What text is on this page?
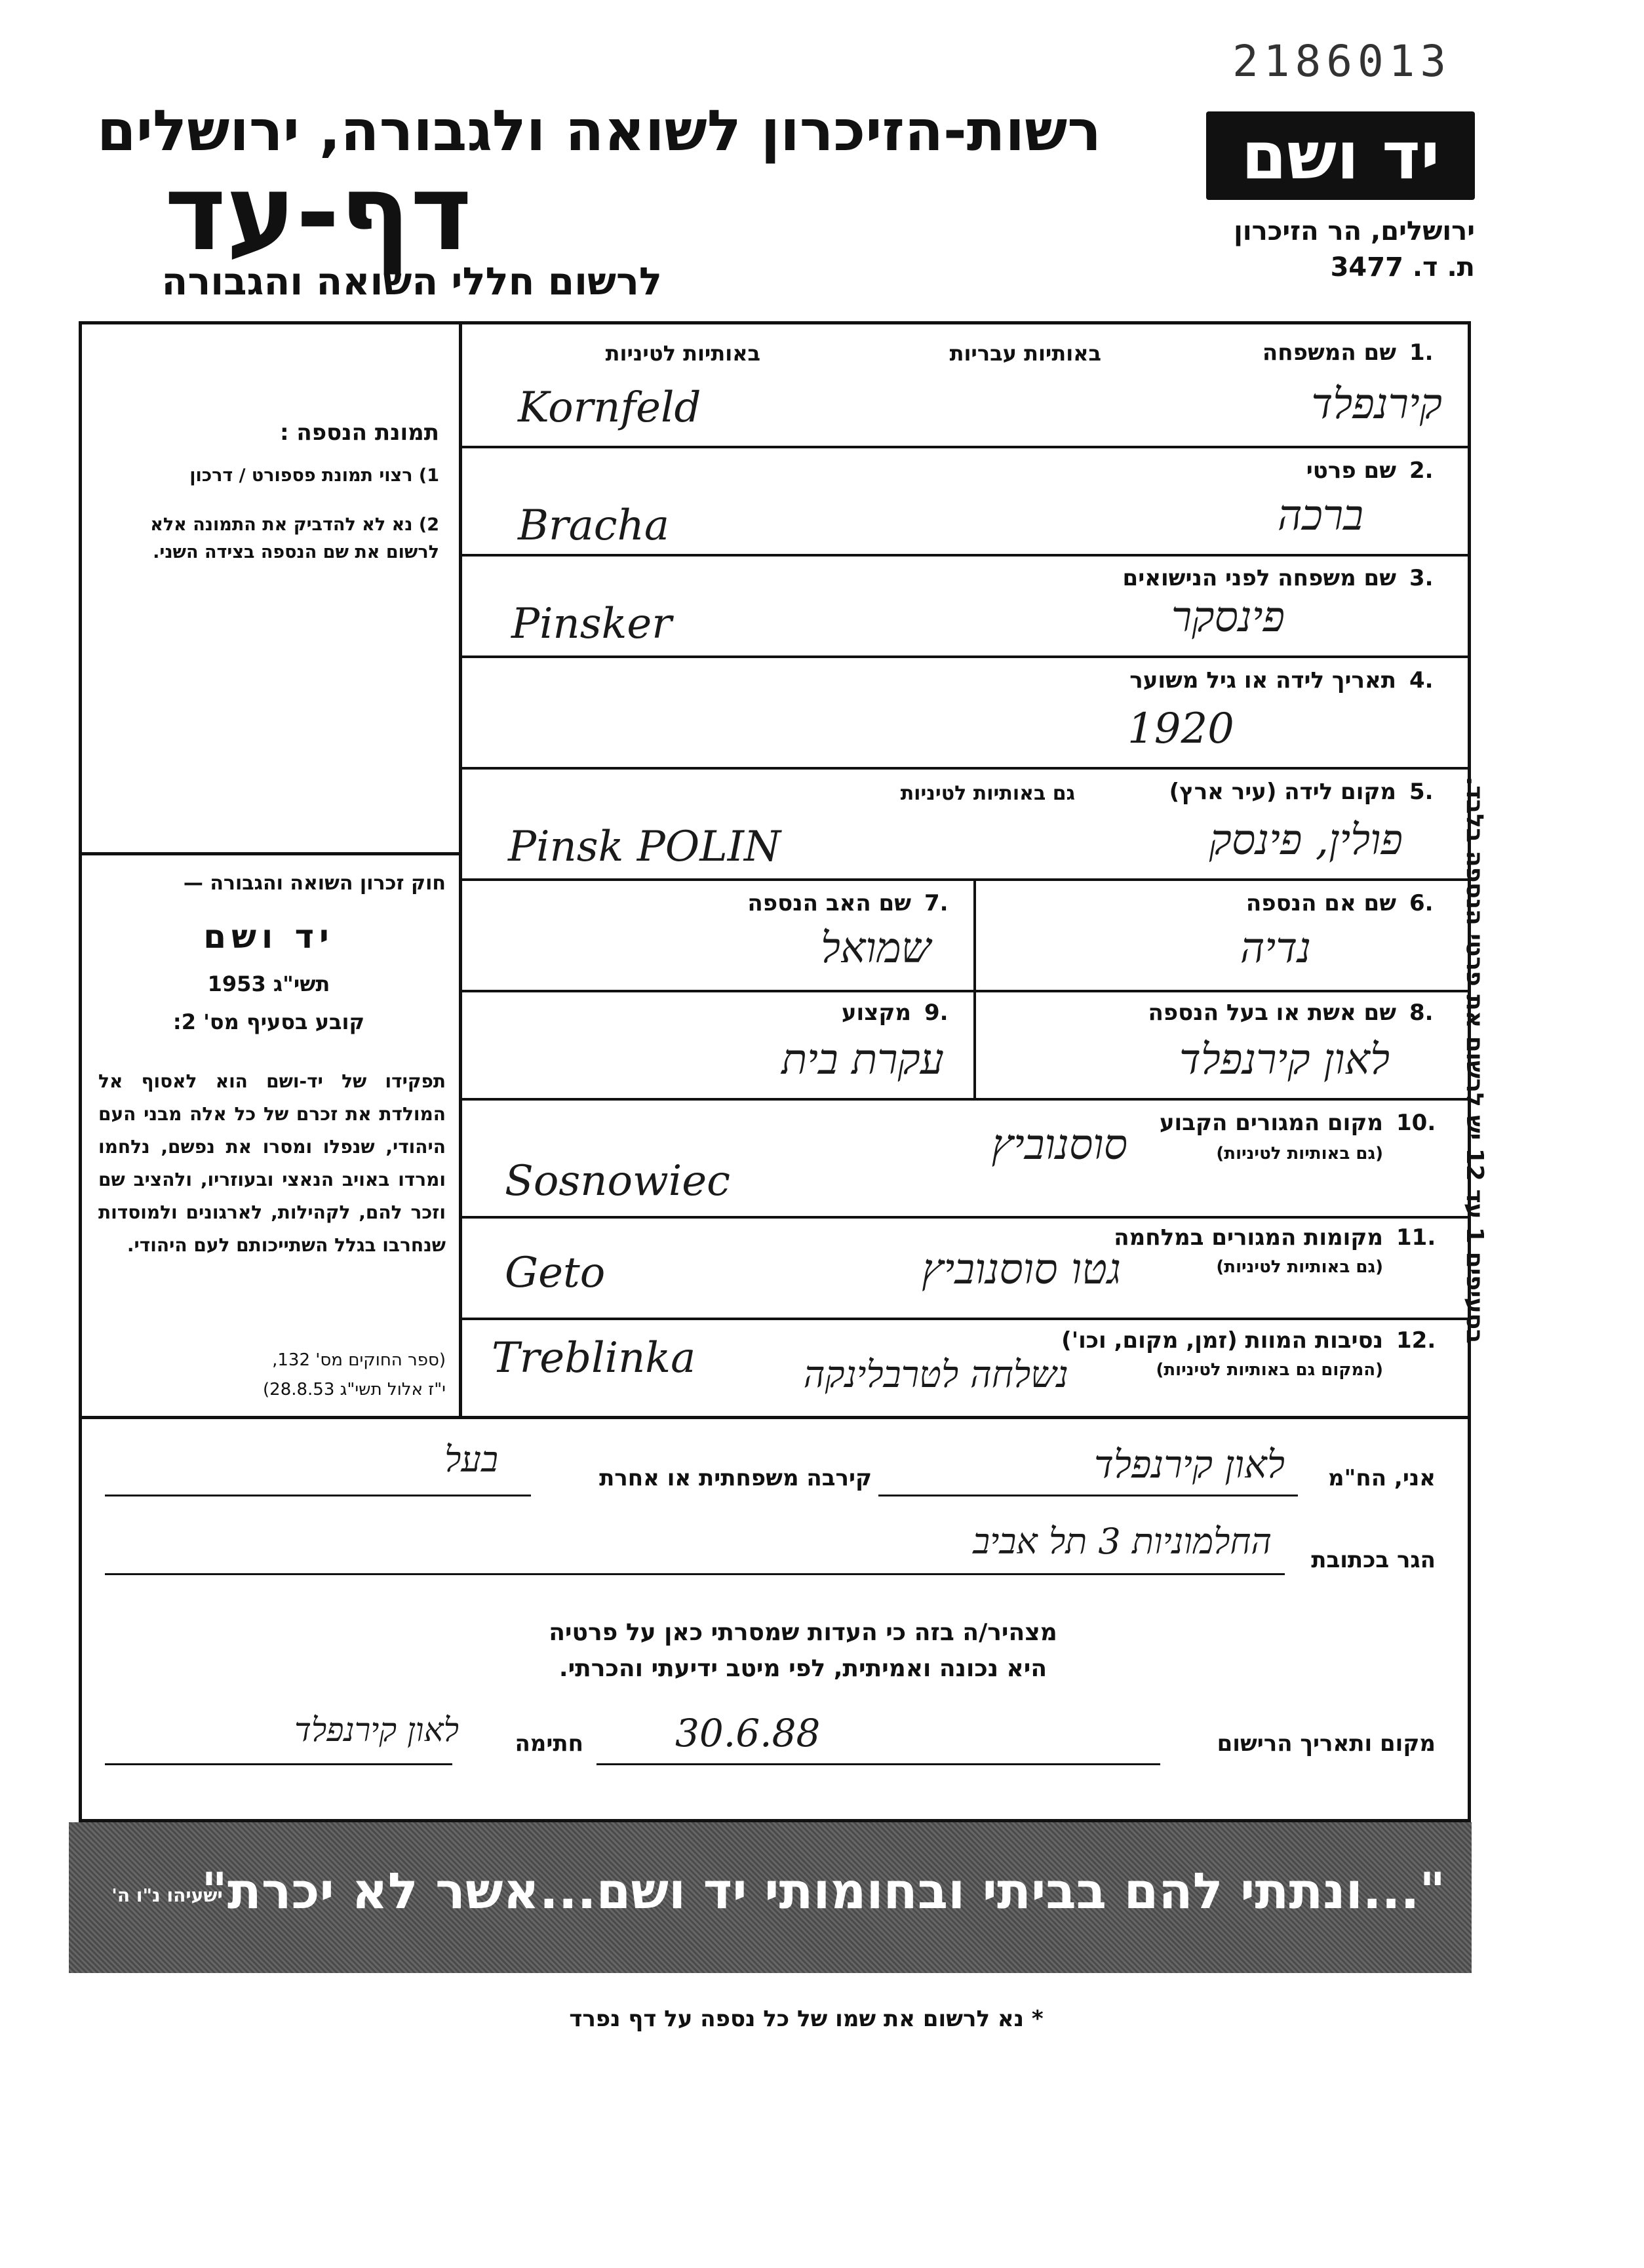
2186013
רשות-הזיכרון לשואה ולגבורה, ירושלים
דף-עד
לרשום חללי השואה והגבורה
יד ושם
ירושלים, הר הזיכרון
ת. ד. 3477
באותיות עבריות
באותיות לטיניות	1.
שם המשפחה
קירנפלד
Kornfeld
2.
שם פרטי
ברכה
Bracha
3.
שם משפחה לפני הנישואים
פינסקר
Pinsker
4.
תאריך לידה או גיל משוער
1920
5.
מקום לידה (עיר ארץ)
גם באותיות לטיניות
פולין, פינסק
Pinsk POLIN
6.
שם אם הנספה
נדיה
7.
שם האב הנספה
שמואל
8.
שם אשת או בעל הנספה
לאון קירנפלד
9.
מקצוע
עקרת בית
10.
מקום המגורים הקבוע
(גם באותיות לטיניות)
סוסנוביץ
Sosnowiec
11.
מקומות המגורים במלחמה
(גם באותיות לטיניות)
גטו סוסנוביץ
Geto
12.
נסיבות המוות (זמן, מקום, וכו')
(המקום גם באותיות לטיניות)
נשלחה לטרבלינקה
Treblinka
בסעיפים 1 עד 12 יש לרשום את פרטי הנספה בלבד.
תמונת הנספה :
1) רצוי תמונת פספורט / דרכון
2) נא לא להדביק את התמונה אלא לרשום את שם הנספה בצידה השני.
חוק זכרון השואה והגבורה —
יד ושם
תשי"ג 1953
קובע בסעיף מס' 2:
תפקידו של יד-ושם הוא לאסוף אל המולדת את זכרם של כל אלה מבני העם היהודי, שנפלו ומסרו את נפשם, נלחמו ומרדו באויב הנאצי ובעוזריו, ולהציב שם וזכר להם, לקהילות, לארגונים ולמוסדות שנחרבו בגלל השתייכותם לעם היהודי.
(ספר החוקים מס' 132,
י"ז אלול תשי"ג 28.8.53)
אני, הח"מ
לאון קירנפלד
קירבה משפחתית או אחרת
בעל
הגר בכתובת
החלמוניות 3 תל אביב
מצהיר/ה בזה כי העדות שמסרתי כאן על פרטיה
היא נכונה ואמיתית, לפי מיטב ידיעתי והכרתי.
מקום ותאריך הרישום
30.6.88
חתימה
לאון קירנפלד
"...ונתתי להם בביתי ובחומותי יד ושם...אשר לא יכרת"
ישעיהו נ"ו ה'
* נא לרשום את שמו של כל נספה על דף נפרד
